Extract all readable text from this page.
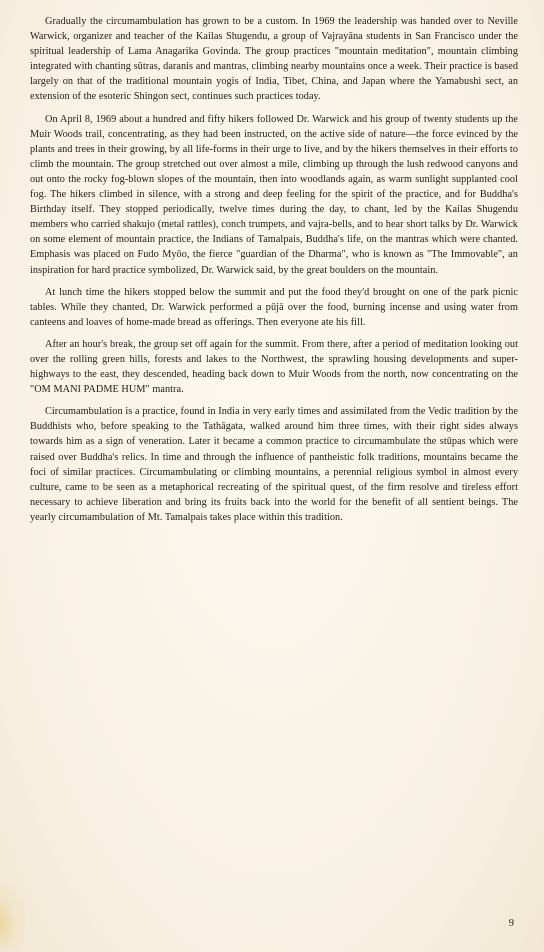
Gradually the circumambulation has grown to be a custom. In 1969 the leadership was handed over to Neville Warwick, organizer and teacher of the Kailas Shugendu, a group of Vajrayāna students in San Francisco under the spiritual leadership of Lama Anagarika Govinda. The group practices "mountain meditation", mountain climbing integrated with chanting sūtras, daranis and mantras, climbing nearby mountains once a week. Their practice is based largely on that of the traditional mountain yogis of India, Tibet, China, and Japan where the Yamabushi sect, an extension of the esoteric Shingon sect, continues such practices today.

On April 8, 1969 about a hundred and fifty hikers followed Dr. Warwick and his group of twenty students up the Muir Woods trail, concentrating, as they had been instructed, on the active side of nature—the force evinced by the plants and trees in their growing, by all life-forms in their urge to live, and by the hikers themselves in their efforts to climb the mountain. The group stretched out over almost a mile, climbing up through the lush redwood canyons and out onto the rocky fog-blown slopes of the mountain, then into woodlands again, as warm sunlight supplanted cool fog. The hikers climbed in silence, with a strong and deep feeling for the spirit of the practice, and for Buddha's Birthday itself. They stopped periodically, twelve times during the day, to chant, led by the Kailas Shugendu members who carried shakujo (metal rattles), conch trumpets, and vajra-bells, and to hear short talks by Dr. Warwick on some element of mountain practice, the Indians of Tamalpais, Buddha's life, on the mantras which were chanted. Emphasis was placed on Fudo Myōo, the fierce "guardian of the Dharma", who is known as "The Immovable", an inspiration for hard practice symbolized, Dr. Warwick said, by the great boulders on the mountain.

At lunch time the hikers stopped below the summit and put the food they'd brought on one of the park picnic tables. While they chanted, Dr. Warwick performed a pūjā over the food, burning incense and using water from canteens and loaves of home-made bread as offerings. Then everyone ate his fill.

After an hour's break, the group set off again for the summit. From there, after a period of meditation looking out over the rolling green hills, forests and lakes to the Northwest, the sprawling housing developments and super-highways to the east, they descended, heading back down to Muir Woods from the north, now concentrating on the "OM MANI PADME HUM" mantra.

Circumambulation is a practice, found in India in very early times and assimilated from the Vedic tradition by the Buddhists who, before speaking to the Tathāgata, walked around him three times, with their right sides always towards him as a sign of veneration. Later it became a common practice to circumambulate the stūpas which were raised over Buddha's relics. In time and through the influence of pantheistic folk traditions, mountains became the foci of similar practices. Circumambulating or climbing mountains, a perennial religious symbol in almost every culture, came to be seen as a metaphorical recreating of the spiritual quest, of the firm resolve and tireless effort necessary to achieve liberation and bring its fruits back into the world for the benefit of all sentient beings. The yearly circumambulation of Mt. Tamalpais takes place within this tradition.

9
